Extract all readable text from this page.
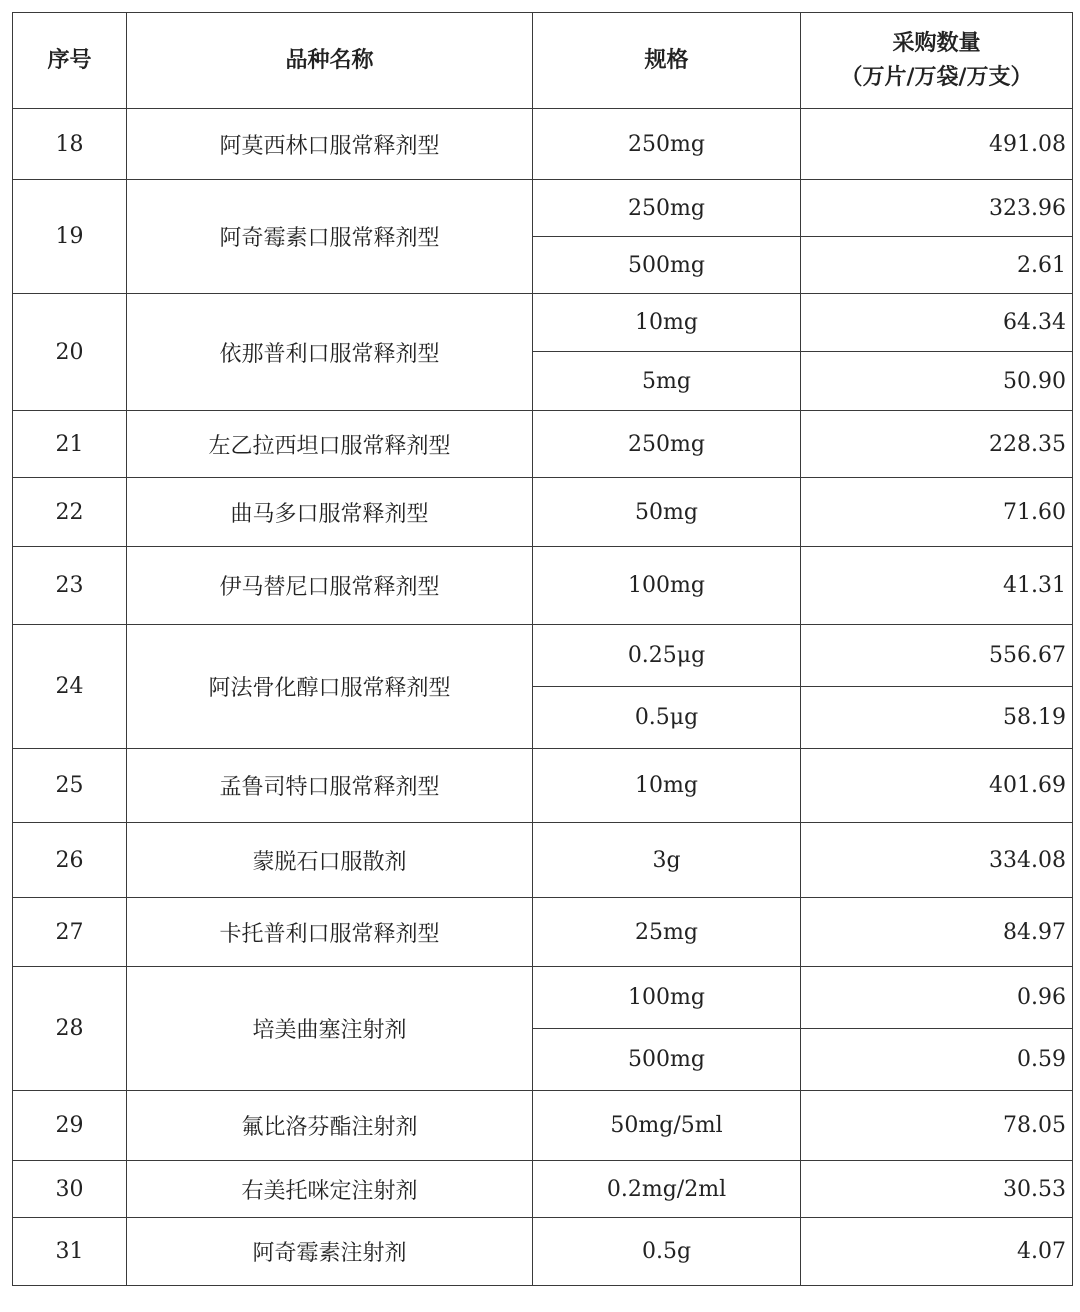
序号	品种名称	规格	采购数量
（万片/万袋/万支）

18	阿莫西林口服常释剂型	250mg	491.08
19	阿奇霉素口服常释剂型	250mg	323.96
		500mg	2.61
20	依那普利口服常释剂型	10mg	64.34
		5mg	50.90
21	左乙拉西坦口服常释剂型	250mg	228.35
22	曲马多口服常释剂型	50mg	71.60
23	伊马替尼口服常释剂型	100mg	41.31
24	阿法骨化醇口服常释剂型	0.25μg	556.67
		0.5μg	58.19
25	孟鲁司特口服常释剂型	10mg	401.69
26	蒙脱石口服散剂	3g	334.08
27	卡托普利口服常释剂型	25mg	84.97
28	培美曲塞注射剂	100mg	0.96
		500mg	0.59
29	氟比洛芬酯注射剂	50mg/5ml	78.05
30	右美托咪定注射剂	0.2mg/2ml	30.53
31	阿奇霉素注射剂	0.5g	4.07
